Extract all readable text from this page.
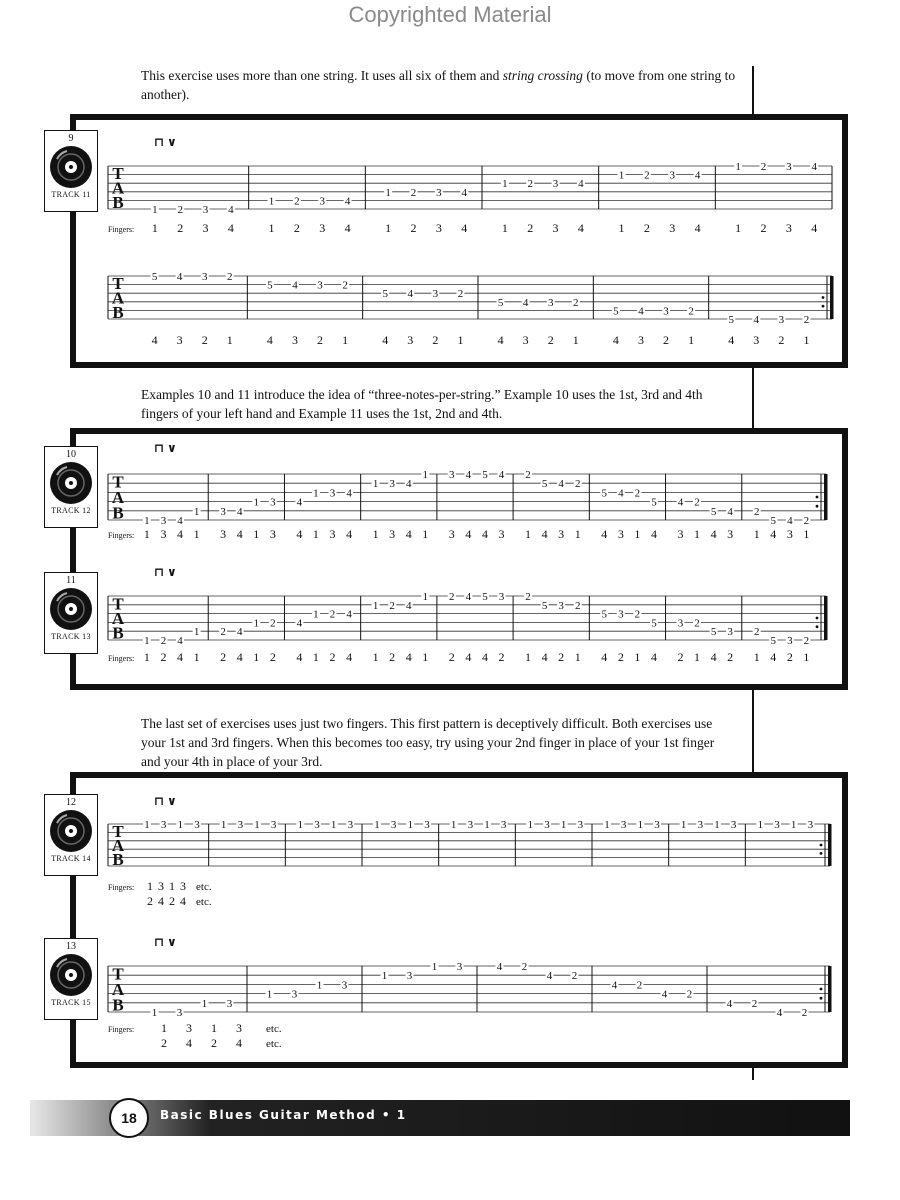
Copyrighted Material

This exercise uses more than one string. It uses all six of them and string crossing (to move from one string to another).

Examples 10 and 11 introduce the idea of “three-notes-per-string.” Example 10 uses the 1st, 3rd and 4th fingers of your left hand and Example 11 uses the 1st, 2nd and 4th.

The last set of exercises uses just two fingers. This first pattern is deceptively difficult. Both exercises use your 1st and 3rd fingers. When this becomes too easy, try using your 2nd finger in place of your 1st finger and your 4th in place of your 3rd.

9
TRACK 11
10
TRACK 12
11
TRACK 13
12
TRACK 14
13
TRACK 15
T
A
B
⊓ ∨
Fingers:
1
1
2
2
3
3
4
4
1
1
2
2
3
3
4
4
1
1
2
2
3
3
4
4
1
1
2
2
3
3
4
4
1
1
2
2
3
3
4
4
1
1
2
2
3
3
4
4
T
A
B
5
4
4
3
3
2
2
1
5
4
4
3
3
2
2
1
5
4
4
3
3
2
2
1
5
4
4
3
3
2
2
1
5
4
4
3
3
2
2
1
5
4
4
3
3
2
2
1
T
A
B
⊓ ∨
Fingers:
1
1
3
3
4
4
1
1
3
3
4
4
1
1
3
3
4
4
1
1
3
3
4
4
1
1
3
3
4
4
1
1
3
3
4
4
5
4
4
3
2
1
5
4
4
3
2
1
5
4
4
3
2
1
5
4
4
3
2
1
5
4
4
3
2
1
5
4
4
3
2
1
T
A
B
⊓ ∨
Fingers:
1
1
2
2
4
4
1
1
2
2
4
4
1
1
2
2
4
4
1
1
2
2
4
4
1
1
2
2
4
4
1
1
2
2
4
4
5
4
3
2
2
1
5
4
3
2
2
1
5
4
3
2
2
1
5
4
3
2
2
1
5
4
3
2
2
1
5
4
3
2
2
1
T
A
B
⊓ ∨
Fingers:
1 3 1 3 1 3 1 3 1 3 1 3 1 3 1 3 1 3 1 3 1 3 1 3 1 3 1 3 1 3 1 3 1 3 1 3
1 3 1 3 etc.
2 4 2 4 etc.
T
A
B
⊓ ∨
Fingers:
1 3
1 3
1 3
1 3
1 3
1 3	4 2
4 2
4 2
4 2
4 2
4 2
1 3 1 3 etc.
2 4 2 4 etc.
18	Basic Blues Guitar Method • 1
